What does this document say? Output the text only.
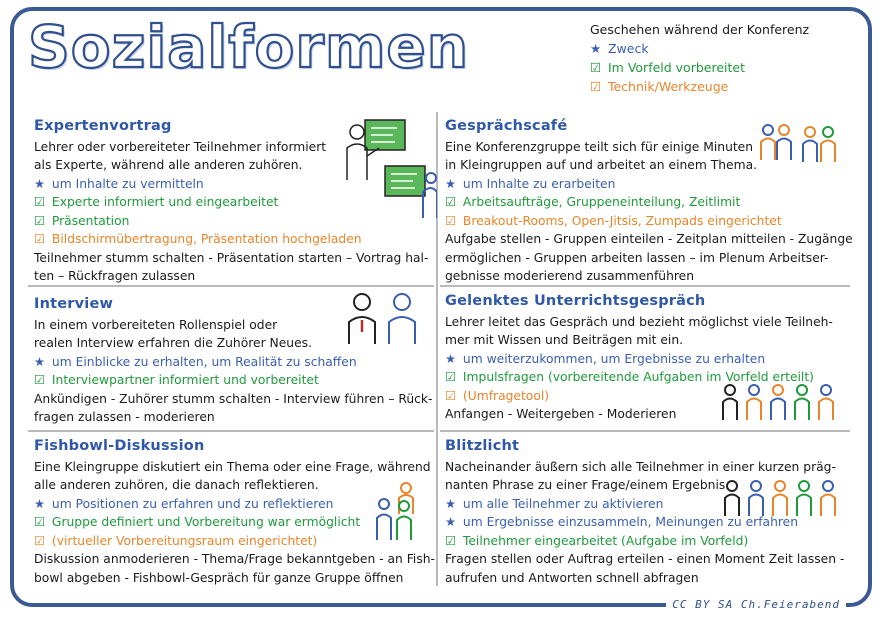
Sozialformen	Geschehen während der Konferenz
★ Zweck
☑ Im Vorfeld vorbereitet
☑ Technik/Werkzeuge
Expertenvortrag
Lehrer oder vorbereiteter Teilnehmer informiert
als Experte, während alle anderen zuhören.
★ um Inhalte zu vermitteln
☑ Experte informiert und eingearbeitet
☑ Präsentation
☑ Bildschirmübertragung, Präsentation hochgeladen
Teilnehmer stumm schalten - Präsentation starten – Vortrag hal-
ten – Rückfragen zulassen
Gesprächscafé
Eine Konferenzgruppe teilt sich für einige Minuten
in Kleingruppen auf und arbeitet an einem Thema.
★ um Inhalte zu erarbeiten
☑ Arbeitsaufträge, Gruppeneinteilung, Zeitlimit
☑ Breakout-Rooms, Open-Jitsis, Zumpads eingerichtet
Aufgabe stellen - Gruppen einteilen - Zeitplan mitteilen - Zugänge
ermöglichen - Gruppen arbeiten lassen – im Plenum Arbeitser-
gebnisse moderierend zusammenführen
Interview
In einem vorbereiteten Rollenspiel oder
realen Interview erfahren die Zuhörer Neues.
★ um Einblicke zu erhalten, um Realität zu schaffen
☑ Interviewpartner informiert und vorbereitet
Ankündigen - Zuhörer stumm schalten - Interview führen – Rück-
fragen zulassen - moderieren
Gelenktes Unterrichtsgespräch
Lehrer leitet das Gespräch und bezieht möglichst viele Teilneh-
mer mit Wissen und Beiträgen mit ein.
★ um weiterzukommen, um Ergebnisse zu erhalten
☑ Impulsfragen (vorbereitende Aufgaben im Vorfeld erteilt)
☑ (Umfragetool)
Anfangen - Weitergeben - Moderieren
Fishbowl-Diskussion
Eine Kleingruppe diskutiert ein Thema oder eine Frage, während
alle anderen zuhören, die danach reflektieren.
★ um Positionen zu erfahren und zu reflektieren
☑ Gruppe definiert und Vorbereitung war ermöglicht
☑ (virtueller Vorbereitungsraum eingerichtet)
Diskussion anmoderieren - Thema/Frage bekanntgeben - an Fish-
bowl abgeben - Fishbowl-Gespräch für ganze Gruppe öffnen
Blitzlicht
Nacheinander äußern sich alle Teilnehmer in einer kurzen präg-
nanten Phrase zu einer Frage/einem Ergebnis.
★ um alle Teilnehmer zu aktivieren
★ um Ergebnisse einzusammeln, Meinungen zu erfahren
☑ Teilnehmer eingearbeitet (Aufgabe im Vorfeld)
Fragen stellen oder Auftrag erteilen - einen Moment Zeit lassen -
aufrufen und Antworten schnell abfragen
CC BY SA Ch.Feierabend
